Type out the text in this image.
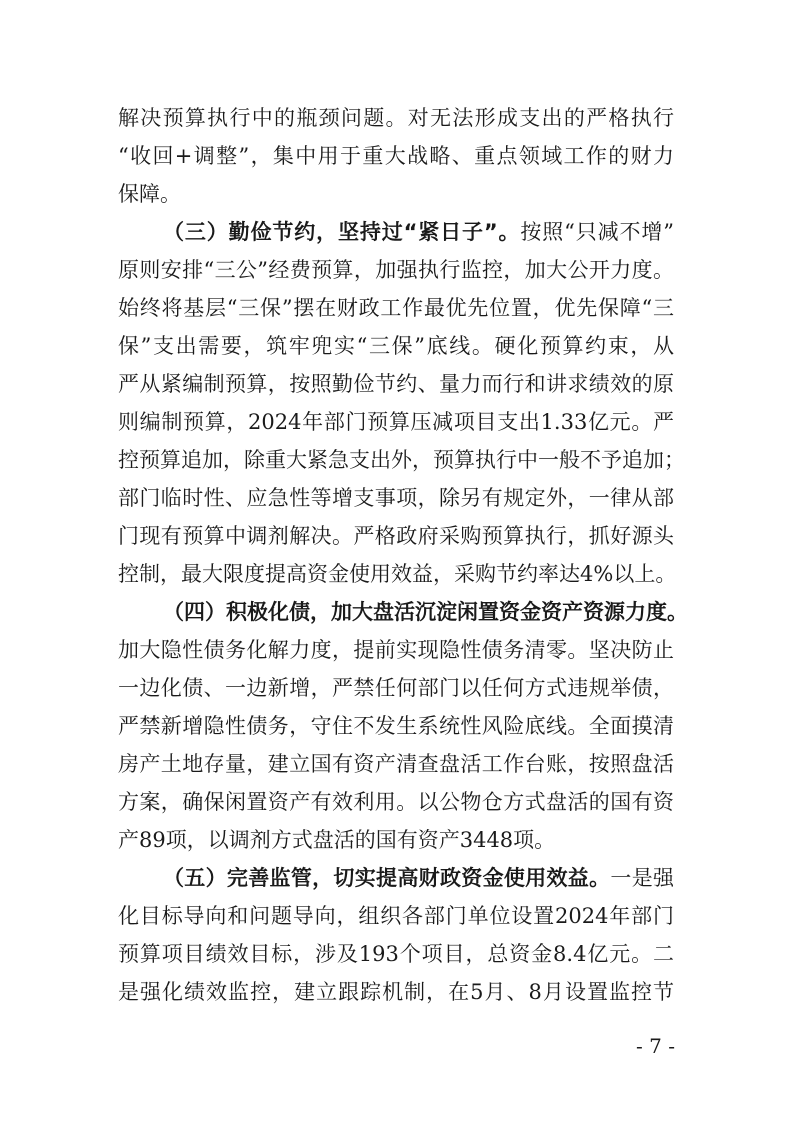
解决预算执行中的瓶颈问题。对无法形成支出的严格执行
“收回+调整”，集中用于重大战略、重点领域工作的财力
保障。
（三）勤俭节约，坚持过“紧日子”。按照“只减不增”
原则安排“三公”经费预算，加强执行监控，加大公开力度。
始终将基层“三保”摆在财政工作最优先位置，优先保障“三
保”支出需要，筑牢兜实“三保”底线。硬化预算约束，从
严从紧编制预算，按照勤俭节约、量力而行和讲求绩效的原
则编制预算，2024年部门预算压减项目支出1.33亿元。严
控预算追加，除重大紧急支出外，预算执行中一般不予追加；
部门临时性、应急性等增支事项，除另有规定外，一律从部
门现有预算中调剂解决。严格政府采购预算执行，抓好源头
控制，最大限度提高资金使用效益，采购节约率达4%以上。
（四）积极化债，加大盘活沉淀闲置资金资产资源力度。
加大隐性债务化解力度，提前实现隐性债务清零。坚决防止
一边化债、一边新增，严禁任何部门以任何方式违规举债，
严禁新增隐性债务，守住不发生系统性风险底线。全面摸清
房产土地存量，建立国有资产清查盘活工作台账，按照盘活
方案，确保闲置资产有效利用。以公物仓方式盘活的国有资
产89项，以调剂方式盘活的国有资产3448项。
（五）完善监管，切实提高财政资金使用效益。一是强
化目标导向和问题导向，组织各部门单位设置2024年部门
预算项目绩效目标，涉及193个项目，总资金8.4亿元。二
是强化绩效监控，建立跟踪机制，在5月、8月设置监控节
- 7 -
